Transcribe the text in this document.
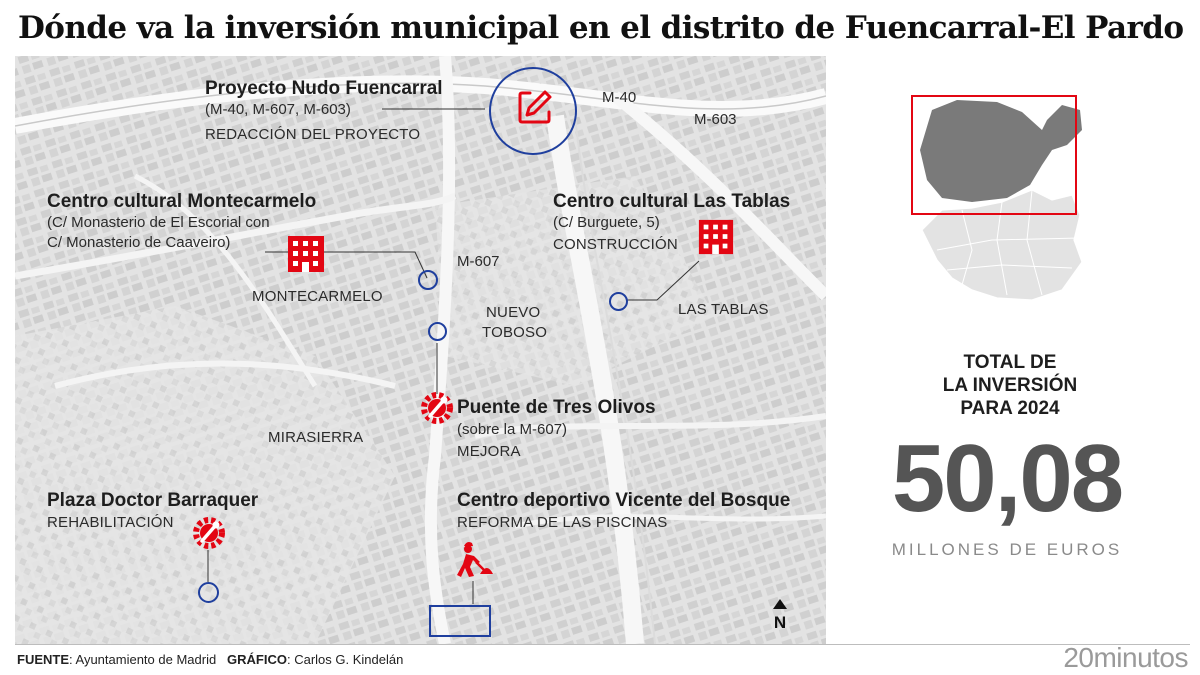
Dónde va la inversión municipal en el distrito de Fuencarral-El Pardo
Proyecto Nudo Fuencarral
(M-40, M-607, M-603)
REDACCIÓN DEL PROYECTO
Centro cultural Montecarmelo
(C/ Monasterio de El Escorial con
C/ Monasterio de Caaveiro)
Centro cultural Las Tablas
(C/ Burguete, 5)
CONSTRUCCIÓN
Puente de Tres Olivos
(sobre la M-607)
MEJORA
Plaza Doctor Barraquer
REHABILITACIÓN
Centro deportivo Vicente del Bosque
REFORMA DE LAS PISCINAS
MONTECARMELO
LAS TABLAS
NUEVO
TOBOSO
MIRASIERRA
M-40
M-603
M-607
N
TOTAL DE
LA INVERSIÓN
PARA 2024
50,08
MILLONES DE EUROS
FUENTE: Ayuntamiento de Madrid GRÁFICO: Carlos G. Kindelán	20minutos
